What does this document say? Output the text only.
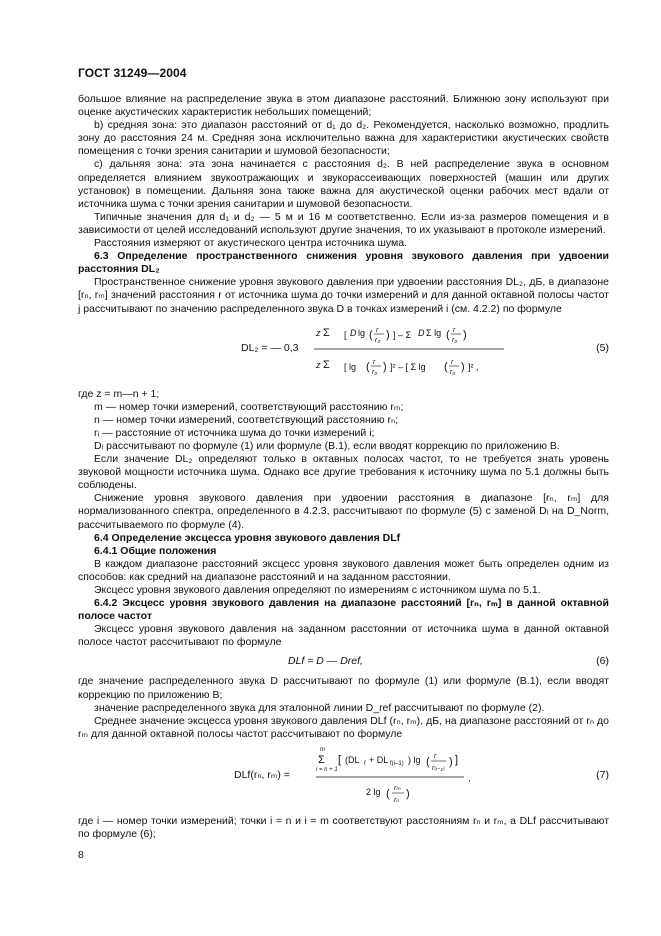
ГОСТ 31249—2004

большое влияние на распределение звука в этом диапазоне расстояний. Ближнюю зону используют при оценке акустических характеристик небольших помещений;

b) средняя зона: это диапазон расстояний от d₁ до d₂. Рекомендуется, насколько возможно, продлить зону до расстояния 24 м. Средняя зона исключительно важна для характеристики акустических свойств помещения с точки зрения санитарии и шумовой безопасности;

c) дальняя зона: эта зона начинается с расстояния d₂. В ней распределение звука в основном определяется влиянием звукоотражающих и звукорассеивающих поверхностей (машин или других установок) в помещении. Дальняя зона также важна для акустической оценки рабочих мест вдали от источника шума с точки зрения санитарии и шумовой безопасности.

Типичные значения для d₁ и d₂ — 5 м и 16 м соответственно. Если из-за размеров помещения и в зависимости от целей исследований используют другие значения, то их указывают в протоколе измерений.

Расстояния измеряют от акустического центра источника шума.

6.3 Определение пространственного снижения уровня звукового давления при удвоении расстояния DL₂

Пространственное снижение уровня звукового давления при удвоении расстояния DL₂, дБ, в диапазоне [rₙ, rₘ] значений расстояния r от источника шума до точки измерений и для данной октавной полосы частот j рассчитывают по значению распределенного звука D в точках измерений i (см. 4.2.2) по формуле

DL₂ = — 0,3
z Σ [ D lg ( r
r₀ ) ] – Σ D Σ lg ( r
r₀ )
z Σ [ lg ( r
r₀ ) ]² – [ Σ lg ( r
r₀ ) ]² ,
(5)

где z = m—n + 1;

m — номер точки измерений, соответствующий расстоянию rₘ;

n — номер точки измерений, соответствующий расстоянию rₙ;

rᵢ — расстояние от источника шума до точки измерений i;

Dᵢ рассчитывают по формуле (1) или формуле (В.1), если вводят коррекцию по приложению В.

Если значение DL₂ определяют только в октавных полосах частот, то не требуется знать уровень звуковой мощности источника шума. Однако все другие требования к источнику шума по 5.1 должны быть соблюдены.

Снижение уровня звукового давления при удвоении расстояния в диапазоне [rₙ, rₘ] для нормализованного спектра, определенного в 4.2.3, рассчитывают по формуле (5) с заменой Dᵢ на D_Norm, рассчитываемого по формуле (4).

6.4 Определение эксцесса уровня звукового давления DLf

6.4.1 Общие положения

В каждом диапазоне расстояний эксцесс уровня звукового давления может быть определен одним из способов: как средний на диапазоне расстояний и на заданном расстоянии.

Эксцесс уровня звукового давления определяют по измерениям с источником шума по 5.1.

6.4.2 Эксцесс уровня звукового давления на диапазоне расстояний [rₙ, rₘ] в данной октавной полосе частот

Эксцесс уровня звукового давления на заданном расстоянии от источника шума в данной октавной полосе частот рассчитывают по формуле

DLf = D — Dref,	(6)

где значение распределенного звука D рассчитывают по формуле (1) или формуле (В.1), если вводят коррекцию по приложению В;

значение распределенного звука для эталонной линии D_ref рассчитывают по формуле (2).

Среднее значение эксцесса уровня звукового давления DLf (rₙ, rₘ), дБ, на диапазоне расстояний от rₙ до rₘ для данной октавной полосы частот рассчитывают по формуле

DLf(rₙ, rₘ) =
m
Σ
i = n + 1
[ (DL f + DL f(i–1) ) lg ( r
r₍ᵢ₋₁₎
) ]
2 lg ( rₘ
rₙ
)
,	(7)

где i — номер точки измерений; точки i = n и i = m соответствуют расстояниям rₙ и rₘ, а DLf рассчитывают по формуле (6);

8
